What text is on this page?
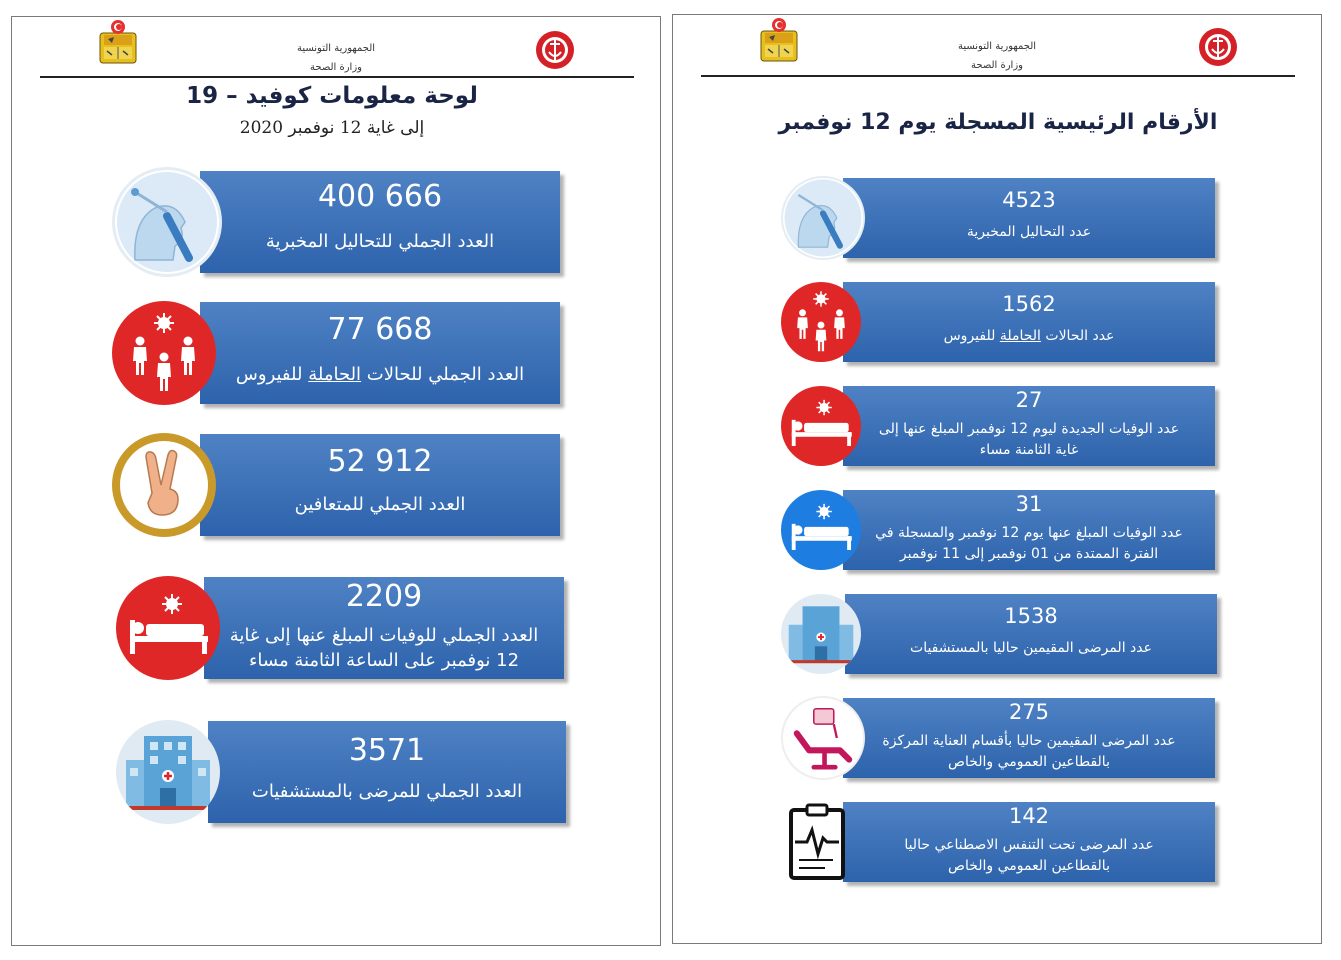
الجمهورية التونسية
وزارة الصحة
لوحة معلومات كوفيد – 19
إلى غاية 12 نوفمبر 2020
400 666
العدد الجملي للتحاليل المخبرية
77 668
العدد الجملي للحالات الحاملة للفيروس
52 912
العدد الجملي للمتعافين
2209
العدد الجملي للوفيات المبلغ عنها إلى غاية
12 نوفمبر على الساعة الثامنة مساء
3571
العدد الجملي للمرضى بالمستشفيات
الجمهورية التونسية
وزارة الصحة
الأرقام الرئيسية المسجلة يوم 12 نوفمبر
4523
عدد التحاليل المخبرية
1562
عدد الحالات الحاملة للفيروس
27
عدد الوفيات الجديدة ليوم 12 نوفمبر المبلغ عنها إلى
غاية الثامنة مساء
31
عدد الوفيات المبلغ عنها يوم 12 نوفمبر والمسجلة في
الفترة الممتدة من 01 نوفمبر إلى 11 نوفمبر
1538
عدد المرضى المقيمين حاليا بالمستشفيات
275
عدد المرضى المقيمين حاليا بأقسام العناية المركزة
بالقطاعين العمومي والخاص
142
عدد المرضى تحت التنفس الاصطناعي حاليا
بالقطاعين العمومي والخاص
